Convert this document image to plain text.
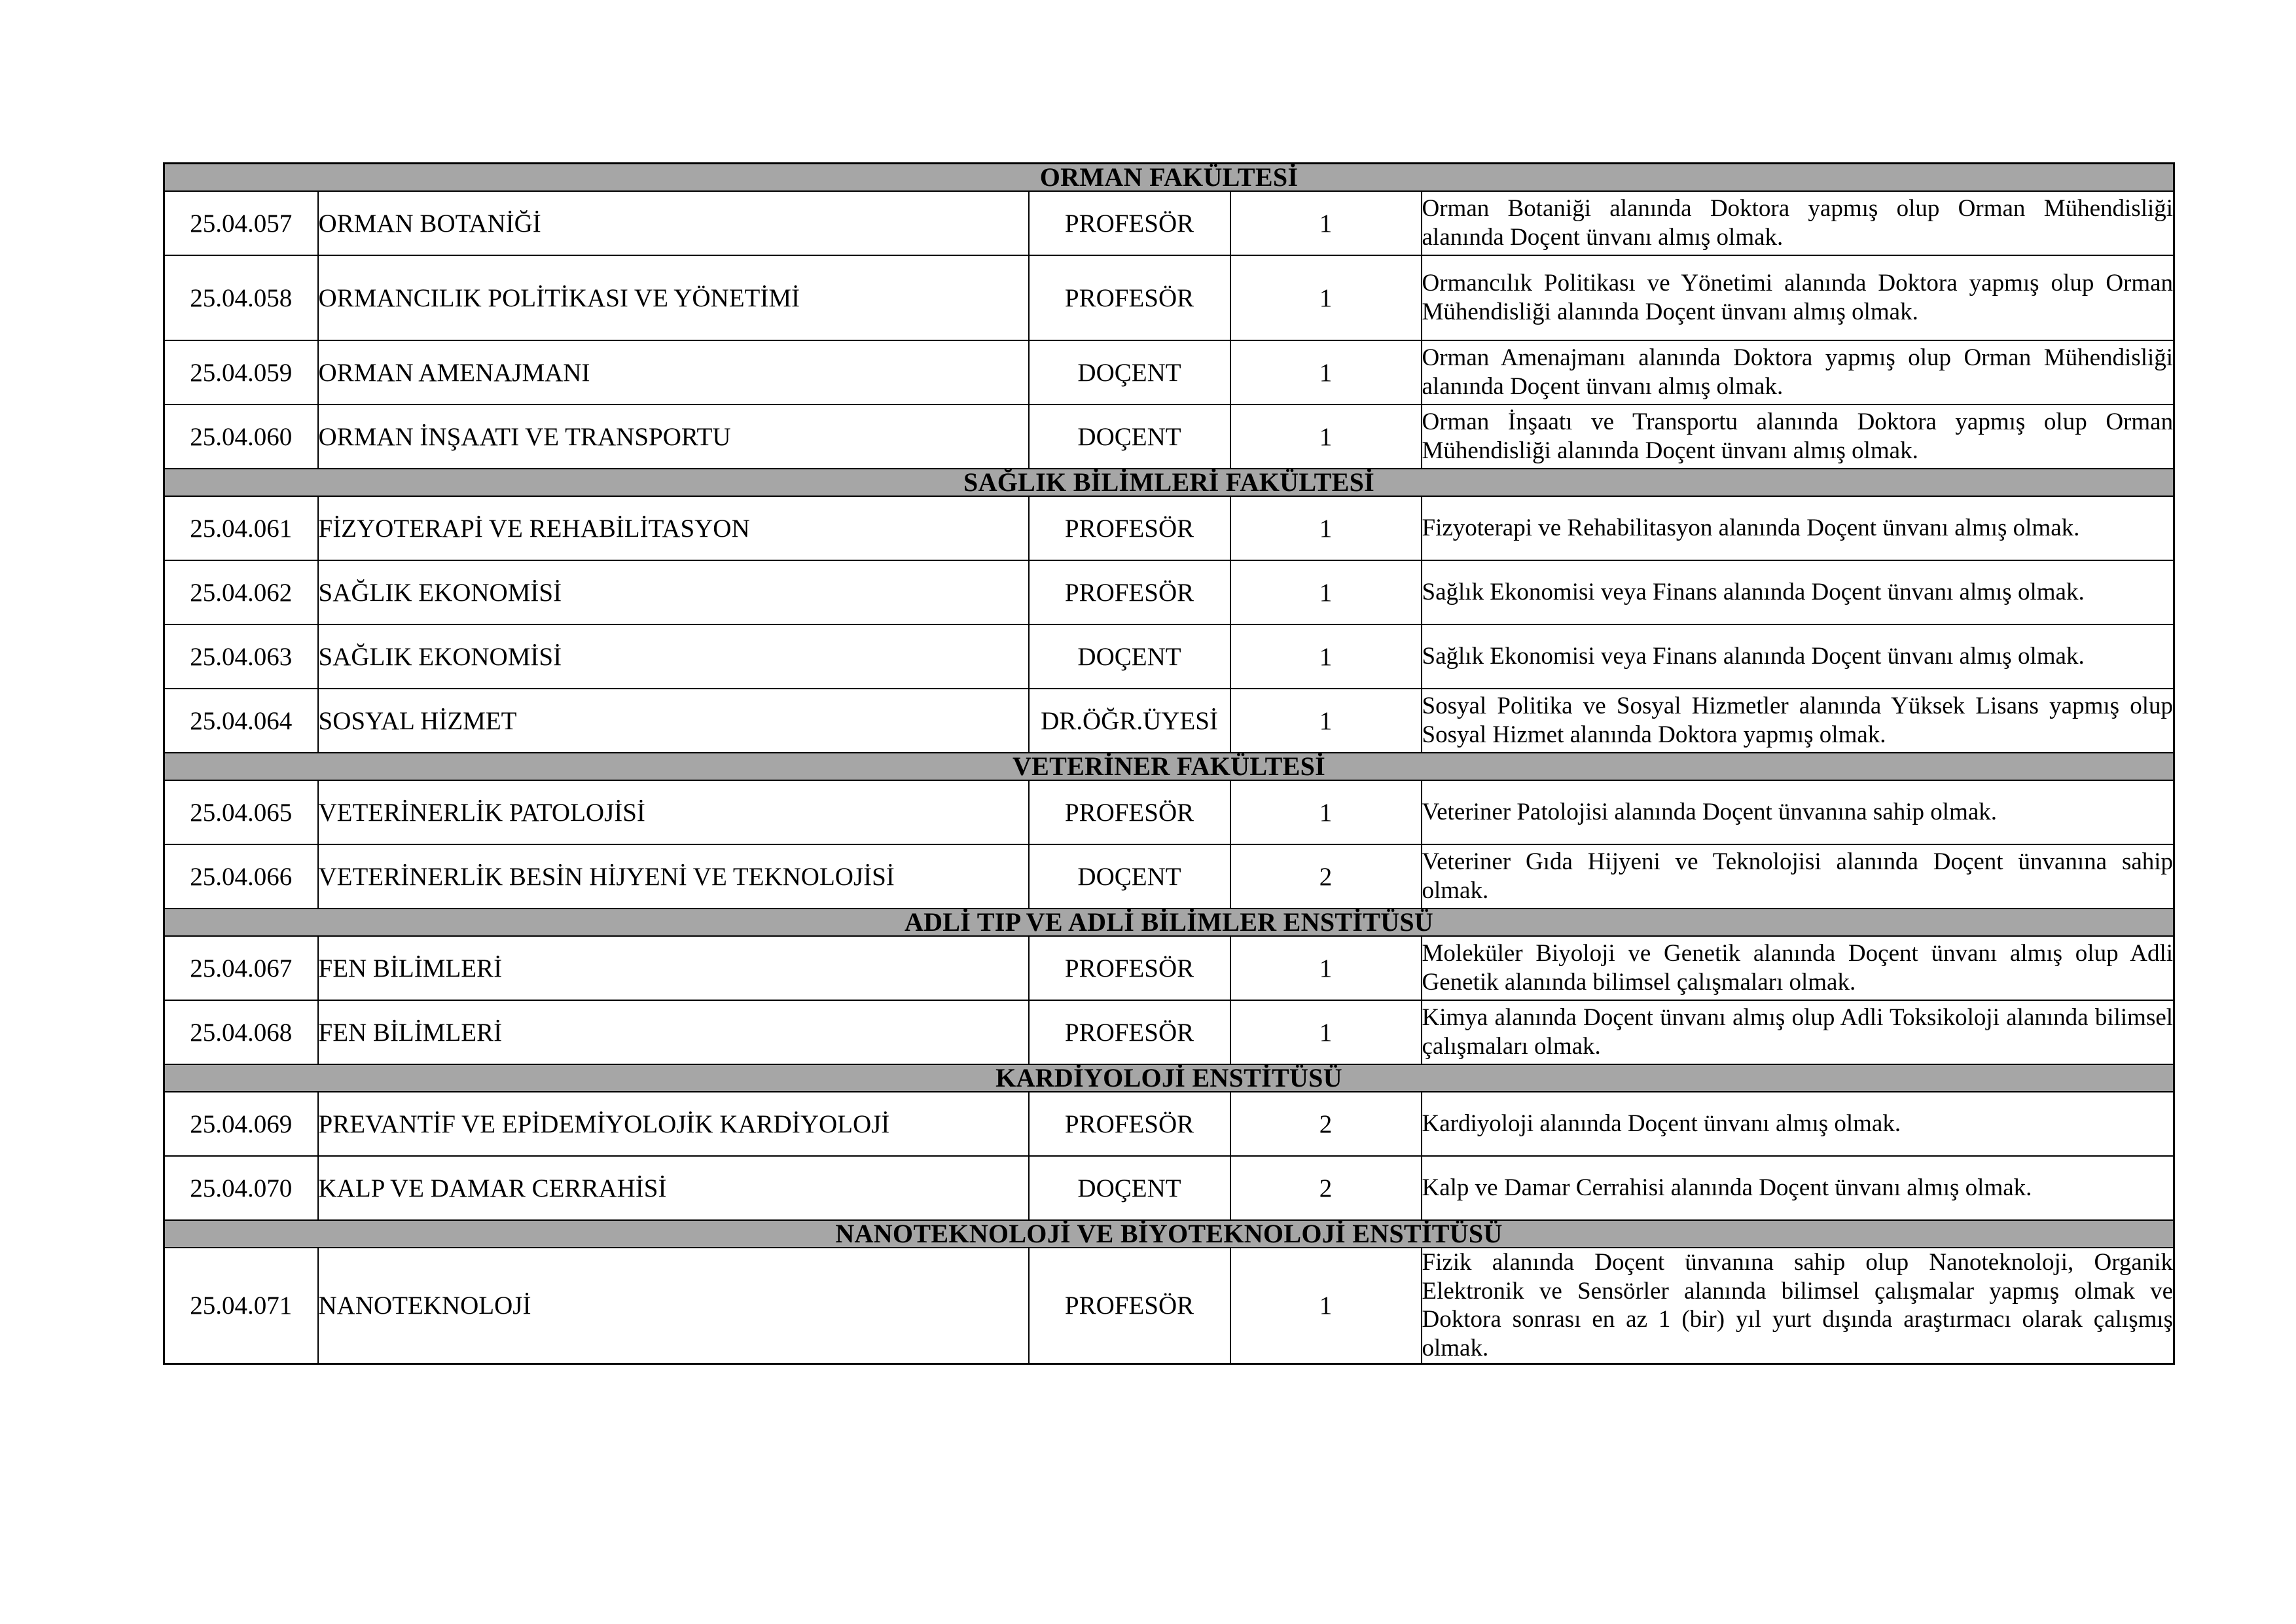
ORMAN FAKÜLTESİ				
25.04.057	ORMAN BOTANİĞİ	PROFESÖR	1	Orman Botaniği alanında Doktora yapmış olup Orman Mühendisliği alanında Doçent ünvanı almış olmak.

25.04.058	ORMANCILIK POLİTİKASI VE YÖNETİMİ	PROFESÖR	1	Ormancılık Politikası ve Yönetimi alanında Doktora yapmış olup Orman Mühendisliği alanında Doçent ünvanı almış olmak.

25.04.059	ORMAN AMENAJMANI	DOÇENT	1	Orman Amenajmanı alanında Doktora yapmış olup Orman Mühendisliği alanında Doçent ünvanı almış olmak.

25.04.060	ORMAN İNŞAATI VE TRANSPORTU	DOÇENT	1	Orman İnşaatı ve Transportu alanında Doktora yapmış olup Orman Mühendisliği alanında Doçent ünvanı almış olmak.

SAĞLIK BİLİMLERİ FAKÜLTESİ				
25.04.061	FİZYOTERAPİ VE REHABİLİTASYON	PROFESÖR	1	Fizyoterapi ve Rehabilitasyon alanında Doçent ünvanı almış olmak.

25.04.062	SAĞLIK EKONOMİSİ	PROFESÖR	1	Sağlık Ekonomisi veya Finans alanında Doçent ünvanı almış olmak.

25.04.063	SAĞLIK EKONOMİSİ	DOÇENT	1	Sağlık Ekonomisi veya Finans alanında Doçent ünvanı almış olmak.

25.04.064	SOSYAL HİZMET	DR.ÖĞR.ÜYESİ	1	Sosyal Politika ve Sosyal Hizmetler alanında Yüksek Lisans yapmış olup Sosyal Hizmet alanında Doktora yapmış olmak.

VETERİNER FAKÜLTESİ				
25.04.065	VETERİNERLİK PATOLOJİSİ	PROFESÖR	1	Veteriner Patolojisi alanında Doçent ünvanına sahip olmak.

25.04.066	VETERİNERLİK BESİN HİJYENİ VE TEKNOLOJİSİ	DOÇENT	2	Veteriner Gıda Hijyeni ve Teknolojisi alanında Doçent ünvanına sahip olmak.

ADLİ TIP VE ADLİ BİLİMLER ENSTİTÜSÜ				
25.04.067	FEN BİLİMLERİ	PROFESÖR	1	Moleküler Biyoloji ve Genetik alanında Doçent ünvanı almış olup Adli Genetik alanında bilimsel çalışmaları olmak.

25.04.068	FEN BİLİMLERİ	PROFESÖR	1	Kimya alanında Doçent ünvanı almış olup Adli Toksikoloji alanında bilimsel çalışmaları olmak.

KARDİYOLOJİ ENSTİTÜSÜ				
25.04.069	PREVANTİF VE EPİDEMİYOLOJİK KARDİYOLOJİ	PROFESÖR	2	Kardiyoloji alanında Doçent ünvanı almış olmak.

25.04.070	KALP VE DAMAR CERRAHİSİ	DOÇENT	2	Kalp ve Damar Cerrahisi alanında Doçent ünvanı almış olmak.

NANOTEKNOLOJİ VE BİYOTEKNOLOJİ ENSTİTÜSÜ				
25.04.071	NANOTEKNOLOJİ	PROFESÖR	1	Fizik alanında Doçent ünvanına sahip olup Nanoteknoloji, Organik Elektronik ve Sensörler alanında bilimsel çalışmalar yapmış olmak ve Doktora sonrası en az 1 (bir) yıl yurt dışında araştırmacı olarak çalışmış olmak.
